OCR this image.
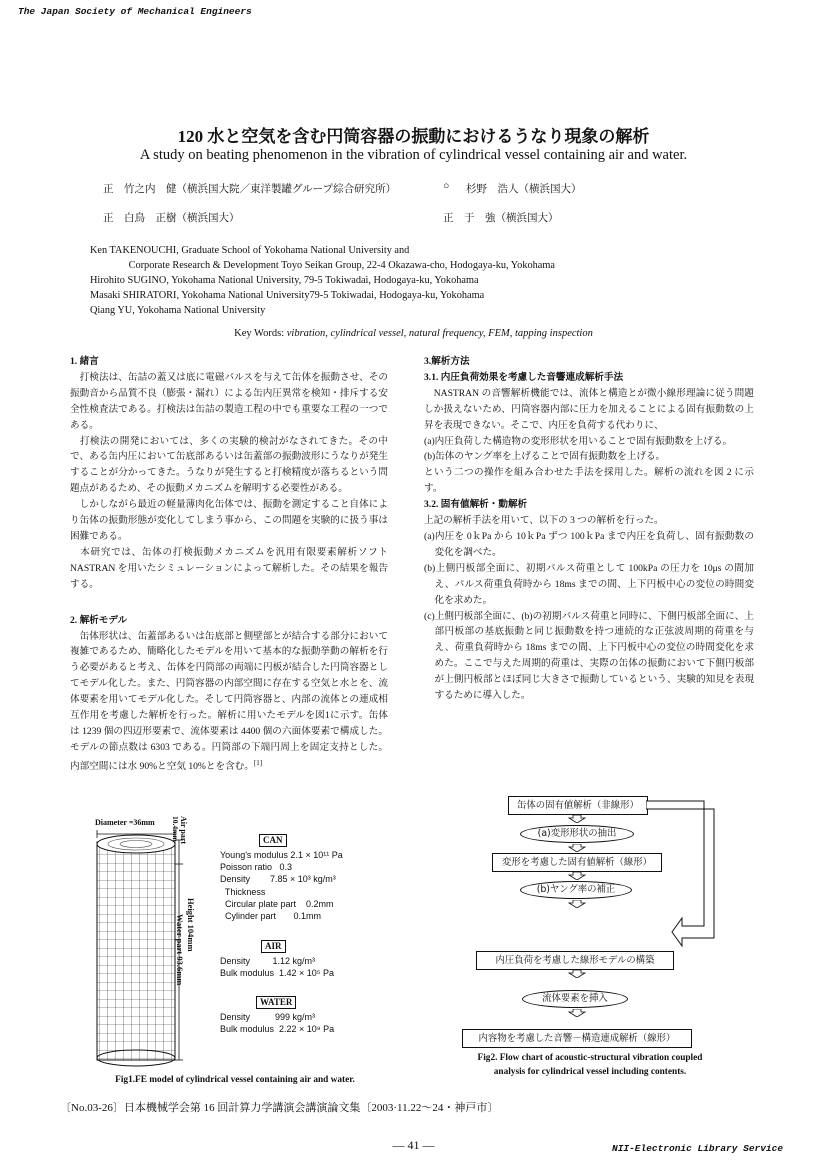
The Japan Society of Mechanical Engineers
120 水と空気を含む円筒容器の振動におけるうなり現象の解析
A study on beating phenomenon in the vibration of cylindrical vessel containing air and water.
正　竹之内　健（横浜国大院／東洋製罐グループ綜合研究所）	○ 杉野　浩人（横浜国大）
正　白鳥　正樹（横浜国大）	正　于　強（横浜国大）
Ken TAKENOUCHI, Graduate School of Yokohama National University and
Corporate Research & Development Toyo Seikan Group, 22-4 Okazawa-cho, Hodogaya-ku, Yokohama
Hirohito SUGINO, Yokohama National University, 79-5 Tokiwadai, Hodogaya-ku, Yokohama
Masaki SHIRATORI, Yokohama National University79-5 Tokiwadai, Hodogaya-ku, Yokohama
Qiang YU, Yokohama National University
Key Words: vibration, cylindrical vessel, natural frequency, FEM, tapping inspection

1. 緒言

　打検法は、缶詰の蓋又は底に電磁パルスを与えて缶体を振動させ、その振動音から品質不良（膨張・漏れ）による缶内圧異常を検知・排斥する安全性検査法である。打検法は缶詰の製造工程の中でも重要な工程の一つである。

　打検法の開発においては、多くの実験的検討がなされてきた。その中で、ある缶内圧において缶底部あるいは缶蓋部の振動波形にうなりが発生することが分かってきた。うなりが発生すると打検精度が落ちるという問題点があるため、その振動メカニズムを解明する必要性がある。

　しかしながら最近の軽量薄肉化缶体では、振動を測定すること自体により缶体の振動形態が変化してしまう事から、この問題を実験的に扱う事は困難である。

　本研究では、缶体の打検振動メカニズムを汎用有限要素解析ソフト NASTRAN を用いたシミュレーションによって解析した。その結果を報告する。

2. 解析モデル

　缶体形状は、缶蓋部あるいは缶底部と側壁部とが結合する部分において複雑であるため、簡略化したモデルを用いて基本的な振動挙動の解析を行う必要があると考え、缶体を円筒部の両端に円板が結合した円筒容器としてモデル化した。また、円筒容器の内部空間に存在する空気と水とを、流体要素を用いてモデル化した。そして円筒容器と、内部の流体との連成相互作用を考慮した解析を行った。解析に用いたモデルを図1に示す。缶体は 1239 個の四辺形要素で、流体要素は 4400 個の六面体要素で構成した。モデルの節点数は 6303 である。円筒部の下端円周上を固定支持とした。内部空間には水 90%と空気 10%とを含む。[1]

3.解析方法

3.1. 内圧負荷効果を考慮した音響連成解析手法

　NASTRAN の音響解析機能では、流体と構造とが微小線形理論に従う問題しか扱えないため、円筒容器内部に圧力を加えることによる固有振動数の上昇を表現できない。そこで、内圧を負荷する代わりに、

(a)内圧負荷した構造物の変形形状を用いることで固有振動数を上げる。

(b)缶体のヤング率を上げることで固有振動数を上げる。

という二つの操作を組み合わせた手法を採用した。解析の流れを図 2 に示す。

3.2. 固有値解析・動解析

上記の解析手法を用いて、以下の 3 つの解析を行った。

(a)内圧を 0ｋPa から 10ｋPa ずつ 100ｋPa まで内圧を負荷し、固有振動数の変化を調べた。

(b)上側円板部全面に、初期パルス荷重として 100kPa の圧力を 10μs の間加え、パルス荷重負荷時から 18ms までの間、上下円板中心の変位の時間変化を求めた。

(c)上側円板部全面に、(b)の初期パルス荷重と同時に、下側円板部全面に、上部円板部の基底振動と同じ振動数を持つ連続的な正弦波周期的荷重を与え、荷重負荷時から 18ms までの間、上下円板中心の変位の時間変化を求めた。ここで与えた周期的荷重は、実際の缶体の振動において下側円板部が上側円板部とほぼ同じ大きさで振動しているという、実験的知見を表現するために導入した。

Diameter =36mm	Air part
10.4mm
Height 104mm
Water part 93.6mm
CAN
Young's modulus 2.1 × 10¹¹ Pa
Poisson ratio   0.3
Density        7.85 × 10³ kg/m³
Thickness
Circular plate part    0.2mm
Cylinder part       0.1mm
AIR
Density         1.12 kg/m³
Bulk modulus  1.42 × 10⁵ Pa
WATER
Density          999 kg/m³
Bulk modulus  2.22 × 10⁹ Pa
Fig1.FE model of cylindrical vessel containing air and water.
缶体の固有値解析（非線形）
(a)変形形状の抽出
変形を考慮した固有値解析（線形）
(b)ヤング率の補正
内圧負荷を考慮した線形モデルの構築
流体要素を挿入
内容物を考慮した音響－構造連成解析（線形）
Fig2. Flow chart of acoustic-structural vibration coupled
analysis for cylindrical vessel including contents.
〔No.03-26〕日本機械学会第 16 回計算力学講演会講演論文集〔2003·11.22〜24・神戸市〕
— 41 —	NII-Electronic Library Service
